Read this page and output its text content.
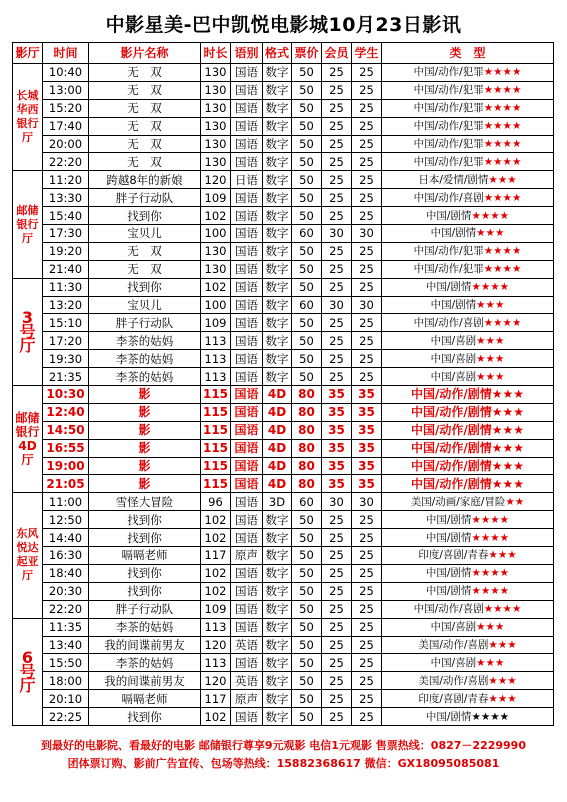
中影星美-巴中凯悦电影城10月23日影讯
影厅	时间	影片名称	时长	语别	格式	票价	会员	学生	类　型
长城华西银行厅	10:40	无　双	130	国语	数字	50	25	25	中国/动作/犯罪★★★★
	13:00	无　双	130	国语	数字	50	25	25	中国/动作/犯罪★★★★
	15:20	无　双	130	国语	数字	50	25	25	中国/动作/犯罪★★★★
	17:40	无　双	130	国语	数字	50	25	25	中国/动作/犯罪★★★★
	20:00	无　双	130	国语	数字	50	25	25	中国/动作/犯罪★★★★
	22:20	无　双	130	国语	数字	50	25	25	中国/动作/犯罪★★★★
邮储银行厅	11:20	跨越8年的新娘	120	日语	数字	50	25	25	日本/爱情/剧情★★★
	13:30	胖子行动队	109	国语	数字	50	25	25	中国/动作/喜剧★★★★
	15:40	找到你	102	国语	数字	50	25	25	中国/剧情★★★★
	17:30	宝贝儿	100	国语	数字	60	30	30	中国/剧情★★★
	19:20	无　双	130	国语	数字	50	25	25	中国/动作/犯罪★★★★
	21:40	无　双	130	国语	数字	50	25	25	中国/动作/犯罪★★★★
3号厅	11:30	找到你	102	国语	数字	50	25	25	中国/剧情★★★★
	13:20	宝贝儿	100	国语	数字	60	30	30	中国/剧情★★★
	15:10	胖子行动队	109	国语	数字	50	25	25	中国/动作/喜剧★★★★
	17:20	李茶的姑妈	113	国语	数字	50	25	25	中国/喜剧★★★
	19:30	李茶的姑妈	113	国语	数字	50	25	25	中国/喜剧★★★
	21:35	李茶的姑妈	113	国语	数字	50	25	25	中国/喜剧★★★
邮储银行4D厅	10:30	影	115	国语	4D	80	35	35	中国/动作/剧情★★★
	12:40	影	115	国语	4D	80	35	35	中国/动作/剧情★★★
	14:50	影	115	国语	4D	80	35	35	中国/动作/剧情★★★
	16:55	影	115	国语	4D	80	35	35	中国/动作/剧情★★★
	19:00	影	115	国语	4D	80	35	35	中国/动作/剧情★★★
	21:05	影	115	国语	4D	80	35	35	中国/动作/剧情★★★
东风悦达起亚厅	11:00	雪怪大冒险	96	国语	3D	60	30	30	美国/动画/家庭/冒险★★
	12:50	找到你	102	国语	数字	50	25	25	中国/剧情★★★★
	14:40	找到你	102	国语	数字	50	25	25	中国/剧情★★★★
	16:30	嗝嗝老师	117	原声	数字	50	25	25	印度/喜剧/青春★★★
	18:40	找到你	102	国语	数字	50	25	25	中国/剧情★★★★
	20:30	找到你	102	国语	数字	50	25	25	中国/剧情★★★★
	22:20	胖子行动队	109	国语	数字	50	25	25	中国/动作/喜剧★★★★
6号厅	11:35	李茶的姑妈	113	国语	数字	50	25	25	中国/喜剧★★★
	13:40	我的间谍前男友	120	英语	数字	50	25	25	美国/动作/喜剧★★★
	15:50	李茶的姑妈	113	国语	数字	50	25	25	中国/喜剧★★★
	18:00	我的间谍前男友	120	英语	数字	50	25	25	美国/动作/喜剧★★★
	20:10	嗝嗝老师	117	原声	数字	50	25	25	印度/喜剧/青春★★★
	22:25	找到你	102	国语	数字	50	25	25	中国/剧情★★★★
到最好的电影院、看最好的电影 邮储银行尊享9元观影 电信1元观影 售票热线：0827－2229990
团体票订购、影前广告宣传、包场等热线：15882368617 微信：GX18095085081
